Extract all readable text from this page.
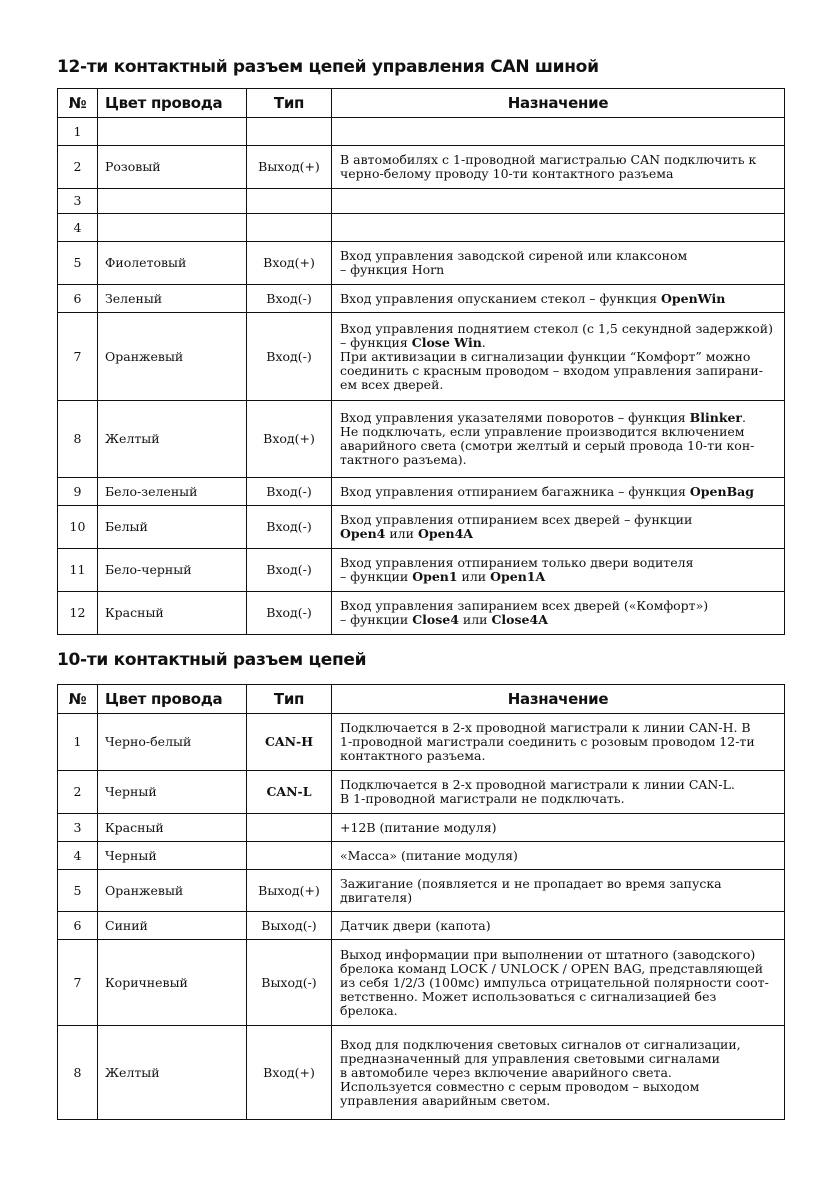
12-ти контактный разъем цепей управления CAN шиной
№	Цвет провода	Тип	Назначение
1			
2	Розовый	Выход(+)	В автомобилях с 1-проводной магистралью CAN подключить к
черно-белому проводу 10-ти контактного разъема
3			
4			
5	Фиолетовый	Вход(+)	Вход управления заводской сиреной или клаксоном
– функция Horn
6	Зеленый	Вход(-)	Вход управления опусканием стекол – функция OpenWin
7	Оранжевый	Вход(-)	Вход управления поднятием стекол (с 1,5 секундной задержкой)
– функция Close Win.
При активизации в сигнализации функции “Комфорт” можно
соединить с красным проводом – входом управления запирани-
ем всех дверей.
8	Желтый	Вход(+)	Вход управления указателями поворотов – функция Blinker.
Не подключать, если управление производится включением
аварийного света (смотри желтый и серый провода 10-ти кон-
тактного разъема).
9	Бело-зеленый	Вход(-)	Вход управления отпиранием багажника – функция OpenBag
10	Белый	Вход(-)	Вход управления отпиранием всех дверей – функции
Open4 или Open4A
11	Бело-черный	Вход(-)	Вход управления отпиранием только двери водителя
– функции Open1 или Open1A
12	Красный	Вход(-)	Вход управления запиранием всех дверей («Комфорт»)
– функции Close4 или Close4A
10-ти контактный разъем цепей
№	Цвет провода	Тип	Назначение
1	Черно-белый	CAN-H	Подключается в 2-х проводной магистрали к линии CAN-H. В
1-проводной магистрали соединить с розовым проводом 12-ти
контактного разъема.
2	Черный	CAN-L	Подключается в 2-х проводной магистрали к линии CAN-L.
В 1-проводной магистрали не подключать.
3	Красный		+12В (питание модуля)
4	Черный		«Масса» (питание модуля)
5	Оранжевый	Выход(+)	Зажигание (появляется и не пропадает во время запуска
двигателя)
6	Синий	Выход(-)	Датчик двери (капота)
7	Коричневый	Выход(-)	Выход информации при выполнении от штатного (заводского)
брелока команд LOCK / UNLOCK / OPEN BAG, представляющей
из себя 1/2/3 (100мс) импульса отрицательной полярности соот-
ветственно. Может использоваться с сигнализацией без брелока.
8	Желтый	Вход(+)	Вход для подключения световых сигналов от сигнализации,
предназначенный для управления световыми сигналами
в автомобиле через включение аварийного света.
Используется совместно с серым проводом – выходом
управления аварийным светом.
